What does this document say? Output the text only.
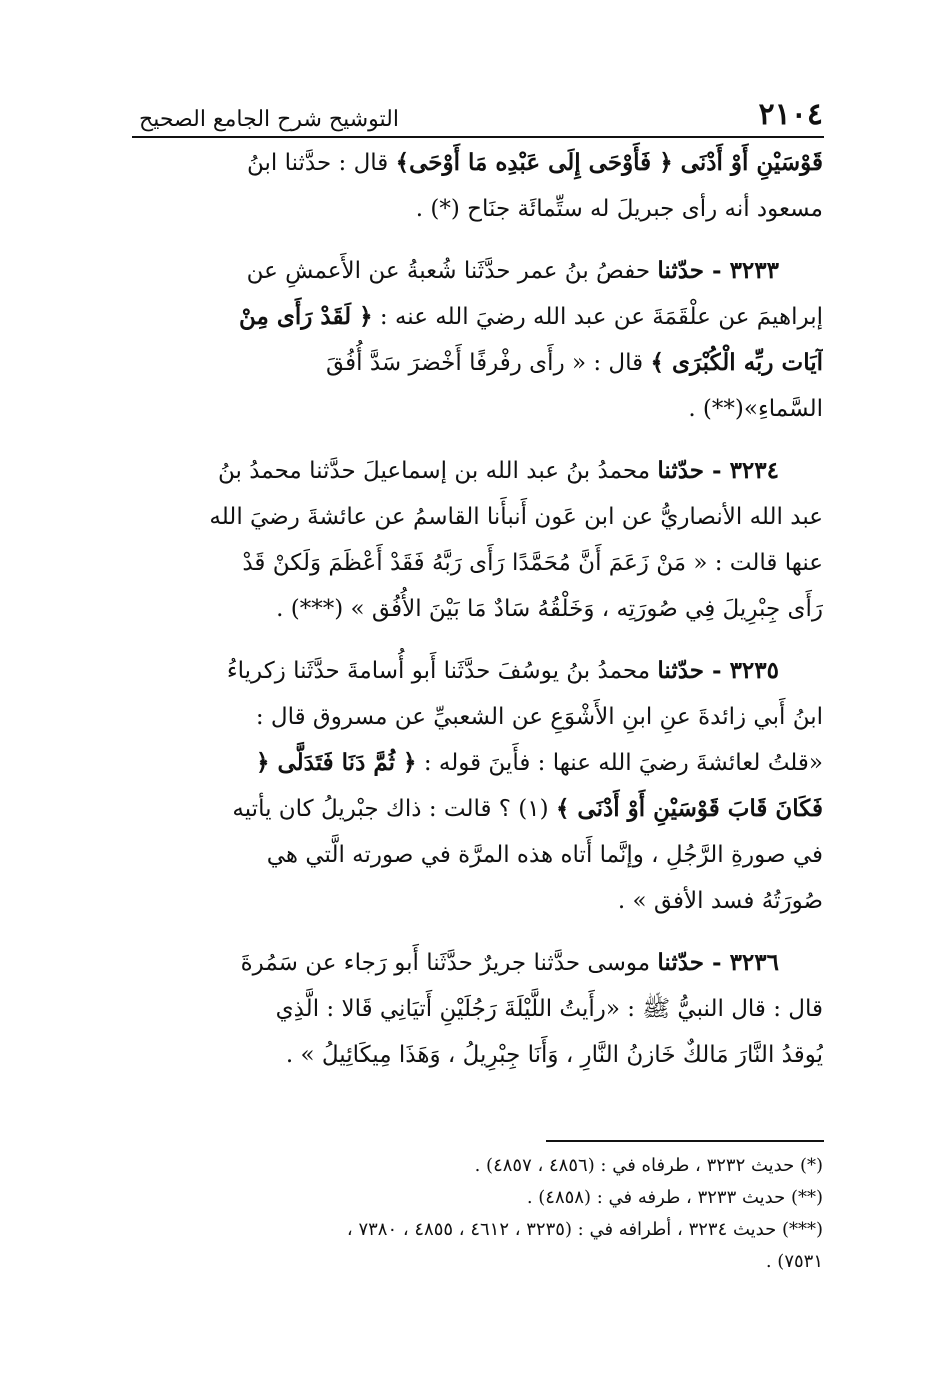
٢١٠٤
التوشيح شرح الجامع الصحيح
قَوْسَيْنِ أَوْ أَدْنَى ﴿ فَأَوْحَى إِلَى عَبْدِه مَا أَوْحَى﴾ قال : حدَّثنا ابنُ
مسعود أنه رأى جبريلَ له ستِّمائَة جنَاح (*) .
٣٢٣٣ - حدّثنا حفصُ بنُ عمر حدَّثَنا شُعبةُ عن الأَعمشِ عن
إبراهيمَ عن علْقَمَةَ عن عبد الله رضيَ الله عنه : ﴿ لَقَدْ رَأَى مِنْ
آيَات ربِّه الْكُبْرَى ﴾ قال : « رأَى رفْرفًا أَخْضرَ سَدَّ أُفُقَ
السَّماءِ»(**) .
٣٢٣٤ - حدّثنا محمدُ بنُ عبد الله بن إسماعيلَ حدَّثنا محمدُ بنُ
عبد الله الأنصاريُّ عن ابن عَون أَنبأَنا القاسمُ عن عائشةَ رضيَ الله
عنها قالت : « مَنْ زَعَمَ أَنَّ مُحَمَّدًا رَأَى رَبَّهُ فَقَدْ أَعْظَمَ وَلَكنْ قَدْ
رَأَى جِبْرِيلَ فِي صُورَتِه ، وَخَلْقُهُ سَادٌ مَا بَيْنَ الأُفُق » (***) .
٣٢٣٥ - حدّثنا محمدُ بنُ يوسُفَ حدَّثَنا أَبو أُسامةَ حدَّثَنا زكرياءُ
ابنُ أَبي زائدةَ عنِ ابنِ الأَشْوَعِ عن الشعبيِّ عن مسروق قال :
«قلتُ لعائشةَ رضيَ الله عنها : فأَينَ قوله : ﴿ ثُمَّ دَنَا فَتَدَلَّى ﴿
فَكَانَ قَابَ قَوْسَيْنِ أَوْ أَدْنَى ﴾ (١) ؟ قالت : ذاك جبْريلُ كان يأتيه
في صورةِ الرَّجُلِ ، وإنَّما أَتاه هذه المرَّة في صورته الَّتي هي
صُورَتُهُ فسد الأفق » .
٣٢٣٦ - حدّثنا موسى حدَّثنا جريرٌ حدَّثَنا أَبو رَجاء عن سَمُرةَ
قال : قال النبيُّ ﷺ : «رأَيتُ اللَّيْلَةَ رَجُلَيْنِ أَتيَانِي قَالا : الَّذِي
يُوقدُ النَّارَ مَالكٌ خَازنُ النَّارِ ، وَأَنَا جِبْرِيلُ ، وَهَذَا مِيكَائِيلُ » .
(*) حديث ٣٢٣٢ ، طرفاه في : (٤٨٥٦ ، ٤٨٥٧) .
(**) حديث ٣٢٣٣ ، طرفه في : (٤٨٥٨) .
(***) حديث ٣٢٣٤ ، أطرافه في : (٣٢٣٥ ، ٤٦١٢ ، ٤٨٥٥ ، ٧٣٨٠ ،
٧٥٣١) .
